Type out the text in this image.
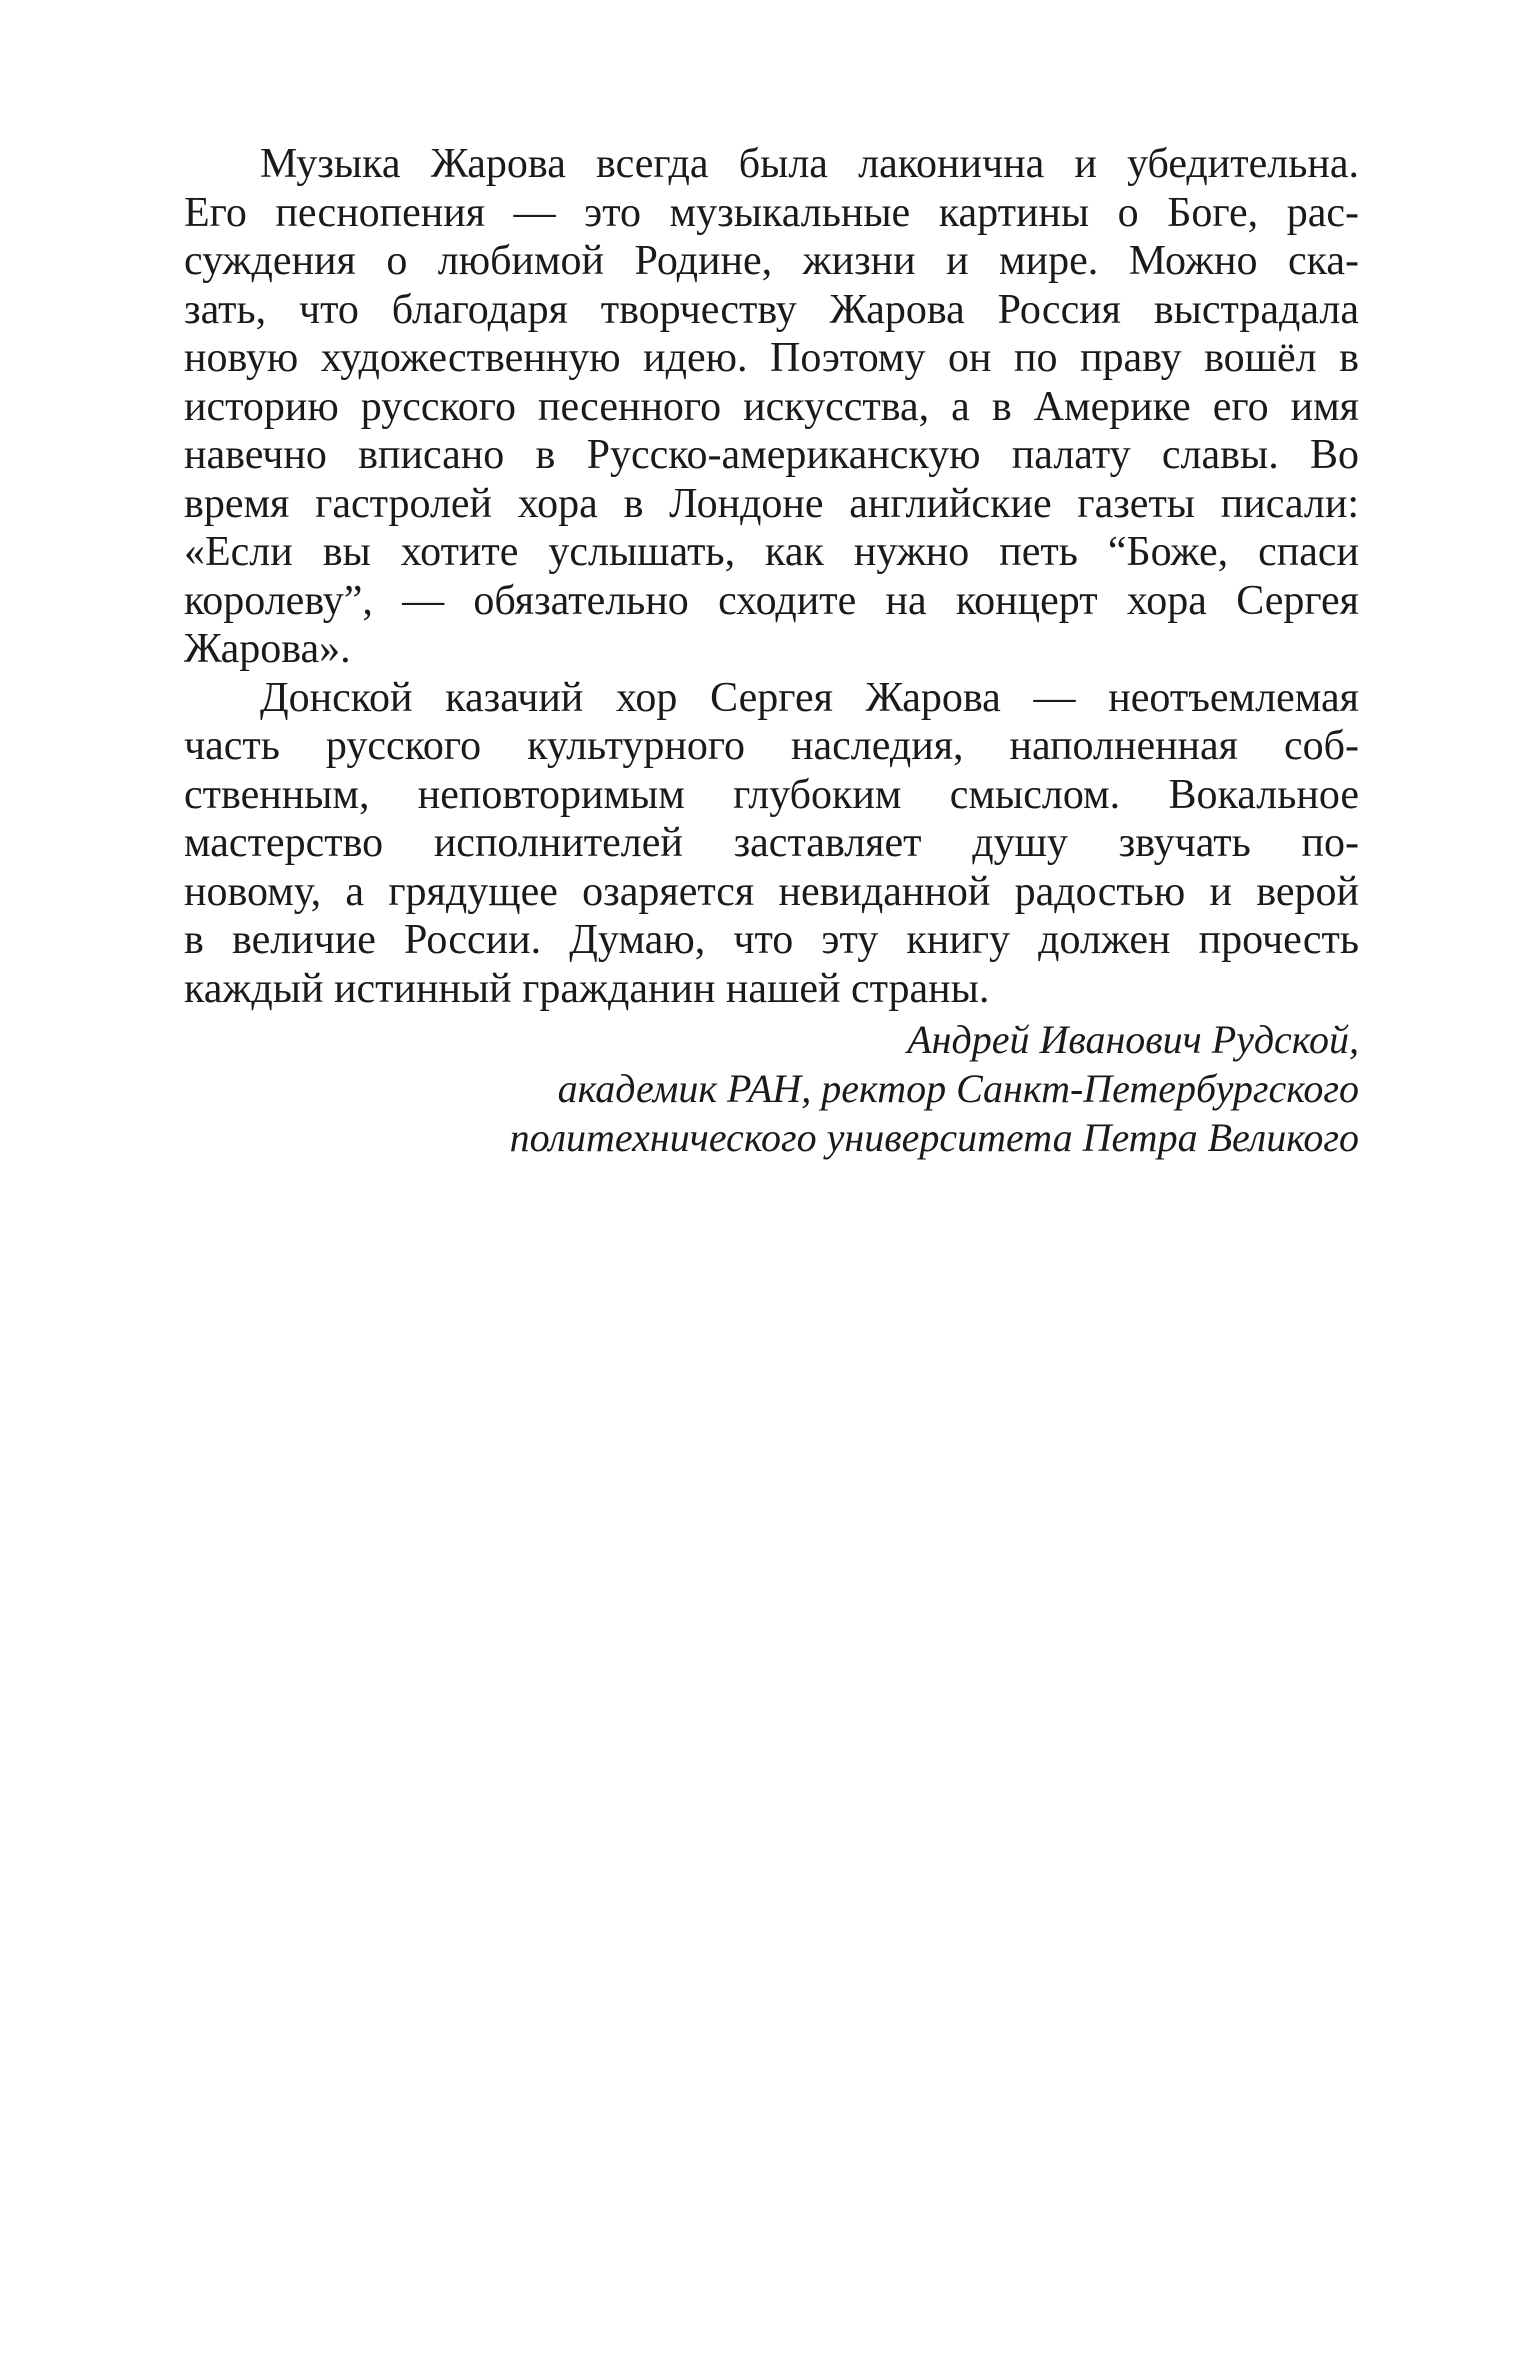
Музыка Жарова всегда была лаконична и убедительна.
Его песнопения — это музыкальные картины о Боге, рас-
суждения о любимой Родине, жизни и мире. Можно ска-
зать, что благодаря творчеству Жарова Россия выстрадала
новую художественную идею. Поэтому он по праву вошёл в
историю русского песенного искусства, а в Америке его имя
навечно вписано в Русско-американскую палату славы. Во
время гастролей хора в Лондоне английские газеты писали:
«Если вы хотите услышать, как нужно петь “Боже, спаси
королеву”, — обязательно сходите на концерт хора Сергея
Жарова».
Донской казачий хор Сергея Жарова — неотъемлемая
часть русского культурного наследия, наполненная соб-
ственным, неповторимым глубоким смыслом. Вокальное
мастерство исполнителей заставляет душу звучать по-
новому, а грядущее озаряется невиданной радостью и верой
в величие России. Думаю, что эту книгу должен прочесть
каждый истинный гражданин нашей страны.
Андрей Иванович Рудской,
академик РАН, ректор Санкт-Петербургского
политехнического университета Петра Великого
